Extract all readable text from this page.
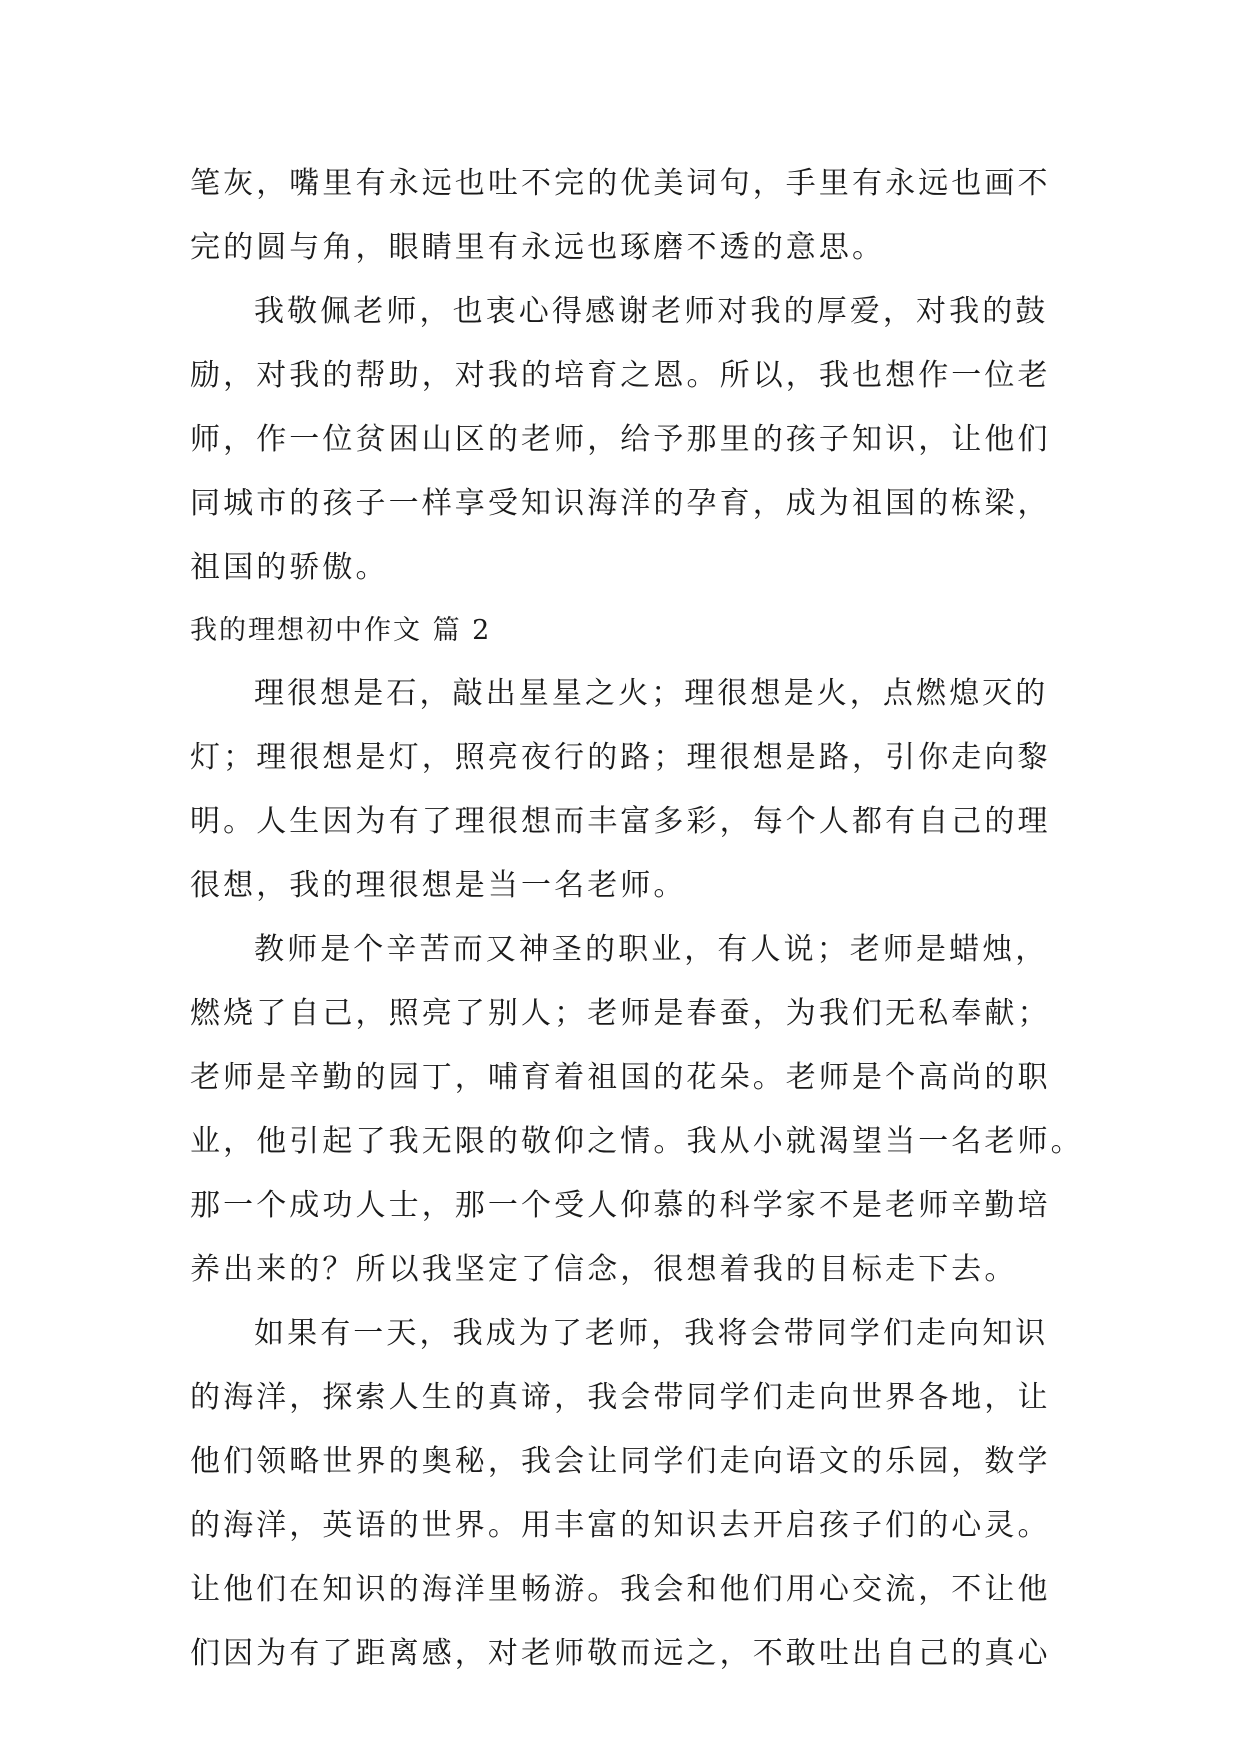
笔灰，嘴里有永远也吐不完的优美词句，手里有永远也画不
完的圆与角，眼睛里有永远也琢磨不透的意思。
我敬佩老师，也衷心得感谢老师对我的厚爱，对我的鼓
励，对我的帮助，对我的培育之恩。所以，我也想作一位老
师，作一位贫困山区的老师，给予那里的孩子知识，让他们
同城市的孩子一样享受知识海洋的孕育，成为祖国的栋梁，
祖国的骄傲。
我的理想初中作文 篇 2
理很想是石，敲出星星之火；理很想是火，点燃熄灭的
灯；理很想是灯，照亮夜行的路；理很想是路，引你走向黎
明。人生因为有了理很想而丰富多彩，每个人都有自己的理
很想，我的理很想是当一名老师。
教师是个辛苦而又神圣的职业，有人说；老师是蜡烛，
燃烧了自己，照亮了别人；老师是春蚕，为我们无私奉献；
老师是辛勤的园丁，哺育着祖国的花朵。老师是个高尚的职
业，他引起了我无限的敬仰之情。我从小就渴望当一名老师。
那一个成功人士，那一个受人仰慕的科学家不是老师辛勤培
养出来的？所以我坚定了信念，很想着我的目标走下去。
如果有一天，我成为了老师，我将会带同学们走向知识
的海洋，探索人生的真谛，我会带同学们走向世界各地，让
他们领略世界的奥秘，我会让同学们走向语文的乐园，数学
的海洋，英语的世界。用丰富的知识去开启孩子们的心灵。
让他们在知识的海洋里畅游。我会和他们用心交流，不让他
们因为有了距离感，对老师敬而远之，不敢吐出自己的真心
